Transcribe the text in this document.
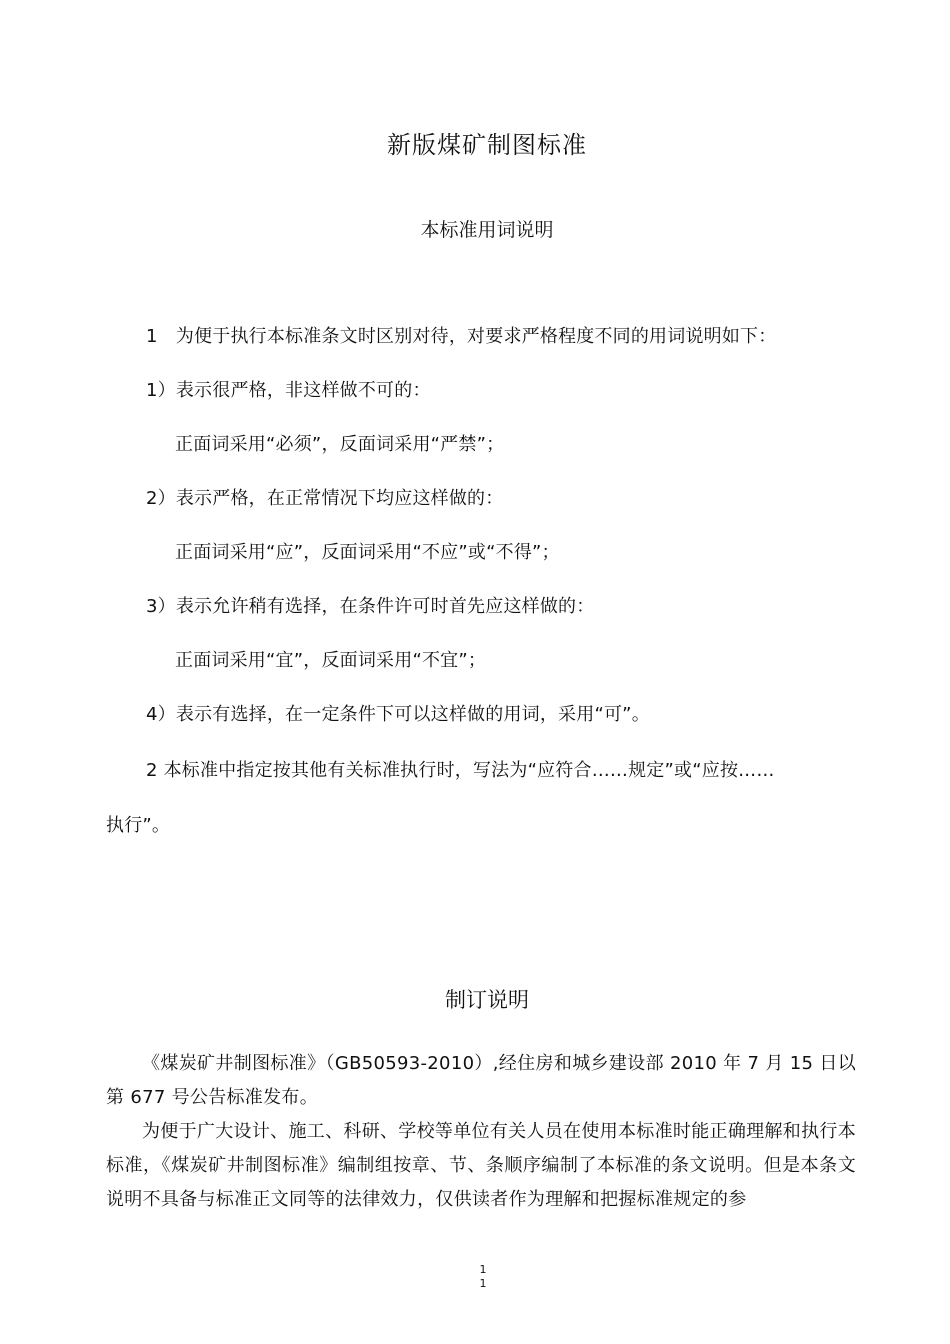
新版煤矿制图标准
本标准用词说明
1　为便于执行本标准条文时区别对待，对要求严格程度不同的用词说明如下：
1）表示很严格，非这样做不可的：
正面词采用“必须”，反面词采用“严禁”；
2）表示严格，在正常情况下均应这样做的：
正面词采用“应”，反面词采用“不应”或“不得”；
3）表示允许稍有选择，在条件许可时首先应这样做的：
正面词采用“宜”，反面词采用“不宜”；
4）表示有选择，在一定条件下可以这样做的用词，采用“可”。
2 本标准中指定按其他有关标准执行时，写法为“应符合……规定”或“应按……
执行”。
制订说明
《煤炭矿井制图标准》（GB50593-2010）,经住房和城乡建设部 2010 年 7 月 15 日以第 677 号公告标准发布。
为便于广大设计、施工、科研、学校等单位有关人员在使用本标准时能正确理解和执行本标准，《煤炭矿井制图标准》编制组按章、节、条顺序编制了本标准的条文说明。但是本条文说明不具备与标准正文同等的法律效力，仅供读者作为理解和把握标准规定的参
1
1
